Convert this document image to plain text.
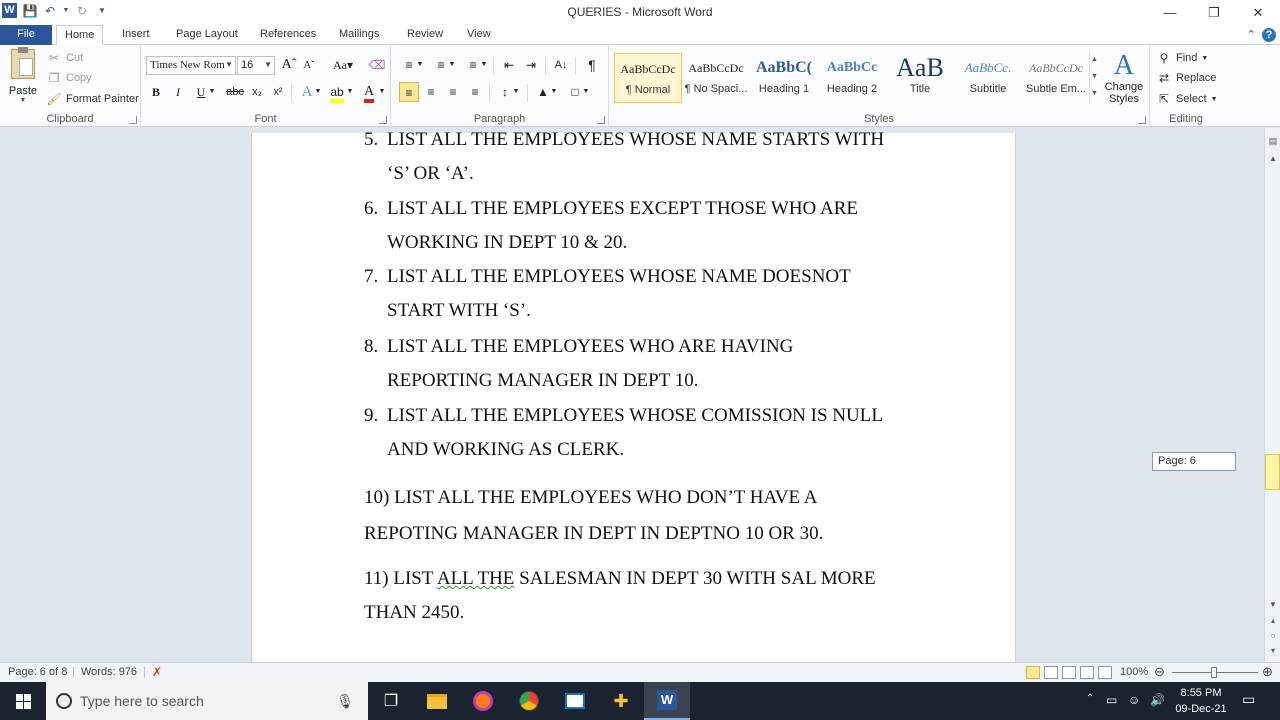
W 💾 ↶ ▼ ↻	▼	QUERIES - Microsoft Word	—	❐	✕
File	Home	Insert	Page Layout	References	Mailings	Review	View	⌃ ?
Paste
▼
✂ Cut
❐ Copy
🖌 Format Painter
Clipboard
Times New Rom ▼ 16 ▼ Aˆ Aˇ	Aa▾ ⌫
B	I	U ▼ abc x₂	x²	A ▼ ab ▼ A ▼
Font
≡ ▼	≡ ▼	≡ ▼	⇤ ⇥	A↓	¶
≡	≡	≡	≡	↕ ▼	▲ ▼	□ ▼
Paragraph
AaBbCcDc
¶ Normal
AaBbCcDc
¶ No Spaci...
AaBbC(
Heading 1
AaBbCc
Heading 2
AaB
Title
AaBbCc.
Subtitle
AaBbCcDc
Subtle Em...
▲
▼
▼
A
Change Styles
Styles
⚲ Find ▼
⇄ Replace
⇱ Select ▼
Editing
5. LIST ALL THE EMPLOYEES WHOSE NAME STARTS WITH
‘S’ OR ‘A’.
6. LIST ALL THE EMPLOYEES EXCEPT THOSE WHO ARE
WORKING IN DEPT 10 & 20.
7. LIST ALL THE EMPLOYEES WHOSE NAME DOESNOT
START WITH ‘S’.
8. LIST ALL THE EMPLOYEES WHO ARE HAVING
REPORTING MANAGER IN DEPT 10.
9. LIST ALL THE EMPLOYEES WHOSE COMISSION IS NULL
AND WORKING AS CLERK.
10) LIST ALL THE EMPLOYEES WHO DON’T HAVE A
REPOTING MANAGER IN DEPT IN DEPTNO 10 OR 30.
11) LIST ALL THE SALESMAN IN DEPT 30 WITH SAL MORE
THAN 2450.
Page: 6
▤
▲
▼
▴
○
▾
Page: 6 of 8 | Words: 976 | ✗	100% ⊖	⊕
Type here to search	🎙	❐	✚ W	⌃ ▭ ☺ 🔊	8:55 PM
09-Dec-21
▭
